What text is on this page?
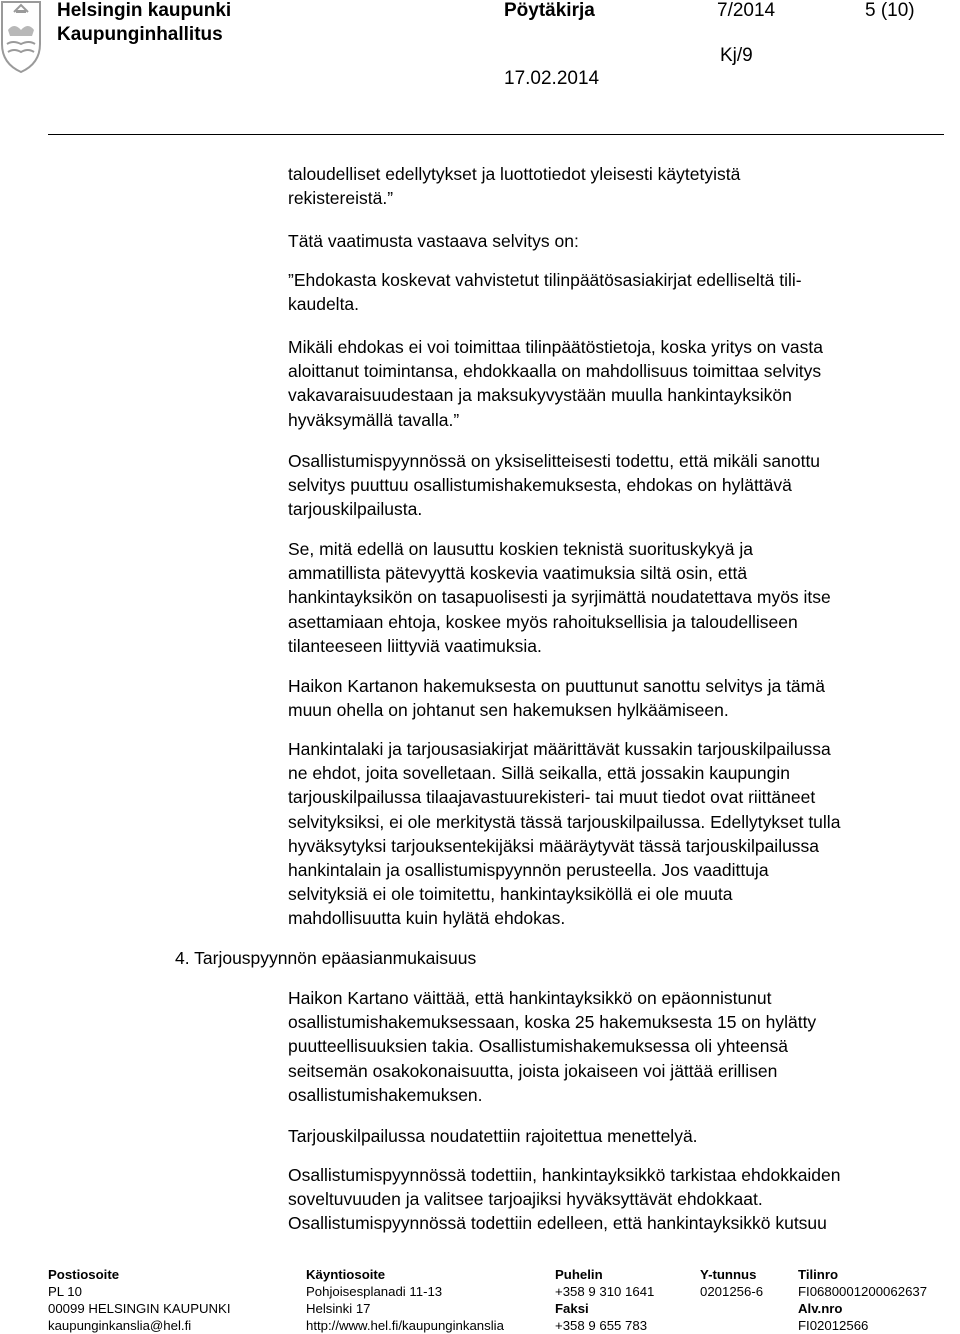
Helsingin kaupunki
Kaupunginhallitus
Pöytäkirja	7/2014	5 (10)
Kj/9
17.02.2014
taloudelliset edellytykset ja luottotiedot yleisesti käytetyistä
rekistereistä.”
Tätä vaatimusta vastaava selvitys on:
”Ehdokasta koskevat vahvistetut tilinpäätösasiakirjat edelliseltä tili-
kaudelta.
Mikäli ehdokas ei voi toimittaa tilinpäätöstietoja, koska yritys on vasta
aloittanut toimintansa, ehdokkaalla on mahdollisuus toimittaa selvitys
vakavaraisuudestaan ja maksukyvystään muulla hankintayksikön
hyväksymällä tavalla.”
Osallistumispyynnössä on yksiselitteisesti todettu, että mikäli sanottu
selvitys puuttuu osallistumishakemuksesta, ehdokas on hylättävä
tarjouskilpailusta.
Se, mitä edellä on lausuttu koskien teknistä suorituskykyä ja
ammatillista pätevyyttä koskevia vaatimuksia siltä osin, että
hankintayksikön on tasapuolisesti ja syrjimättä noudatettava myös itse
asettamiaan ehtoja, koskee myös rahoituksellisia ja taloudelliseen
tilanteeseen liittyviä vaatimuksia.
Haikon Kartanon hakemuksesta on puuttunut sanottu selvitys ja tämä
muun ohella on johtanut sen hakemuksen hylkäämiseen.
Hankintalaki ja tarjousasiakirjat määrittävät kussakin tarjouskilpailussa
ne ehdot, joita sovelletaan. Sillä seikalla, että jossakin kaupungin
tarjouskilpailussa tilaajavastuurekisteri- tai muut tiedot ovat riittäneet
selvityksiksi, ei ole merkitystä tässä tarjouskilpailussa. Edellytykset tulla
hyväksytyksi tarjouksentekijäksi määräytyvät tässä tarjouskilpailussa
hankintalain ja osallistumispyynnön perusteella. Jos vaadittuja
selvityksiä ei ole toimitettu, hankintayksiköllä ei ole muuta
mahdollisuutta kuin hylätä ehdokas.
Haikon Kartano väittää, että hankintayksikkö on epäonnistunut
osallistumishakemuksessaan, koska 25 hakemuksesta 15 on hylätty
puutteellisuuksien takia. Osallistumishakemuksessa oli yhteensä
seitsemän osakokonaisuutta, joista jokaiseen voi jättää erillisen
osallistumishakemuksen.
Tarjouskilpailussa noudatettiin rajoitettua menettelyä.
Osallistumispyynnössä todettiin, hankintayksikkö tarkistaa ehdokkaiden
soveltuvuuden ja valitsee tarjoajiksi hyväksyttävät ehdokkaat.
Osallistumispyynnössä todettiin edelleen, että hankintayksikkö kutsuu
4. Tarjouspyynnön epäasianmukaisuus
Postiosoite
PL 10
00099 HELSINGIN KAUPUNKI
kaupunginkanslia@hel.fi
Käyntiosoite
Pohjoisesplanadi 11-13
Helsinki 17
http://www.hel.fi/kaupunginkanslia
Puhelin
+358 9 310 1641
Faksi
+358 9 655 783
Y-tunnus
0201256-6
Tilinro
FI0680001200062637
Alv.nro
FI02012566
